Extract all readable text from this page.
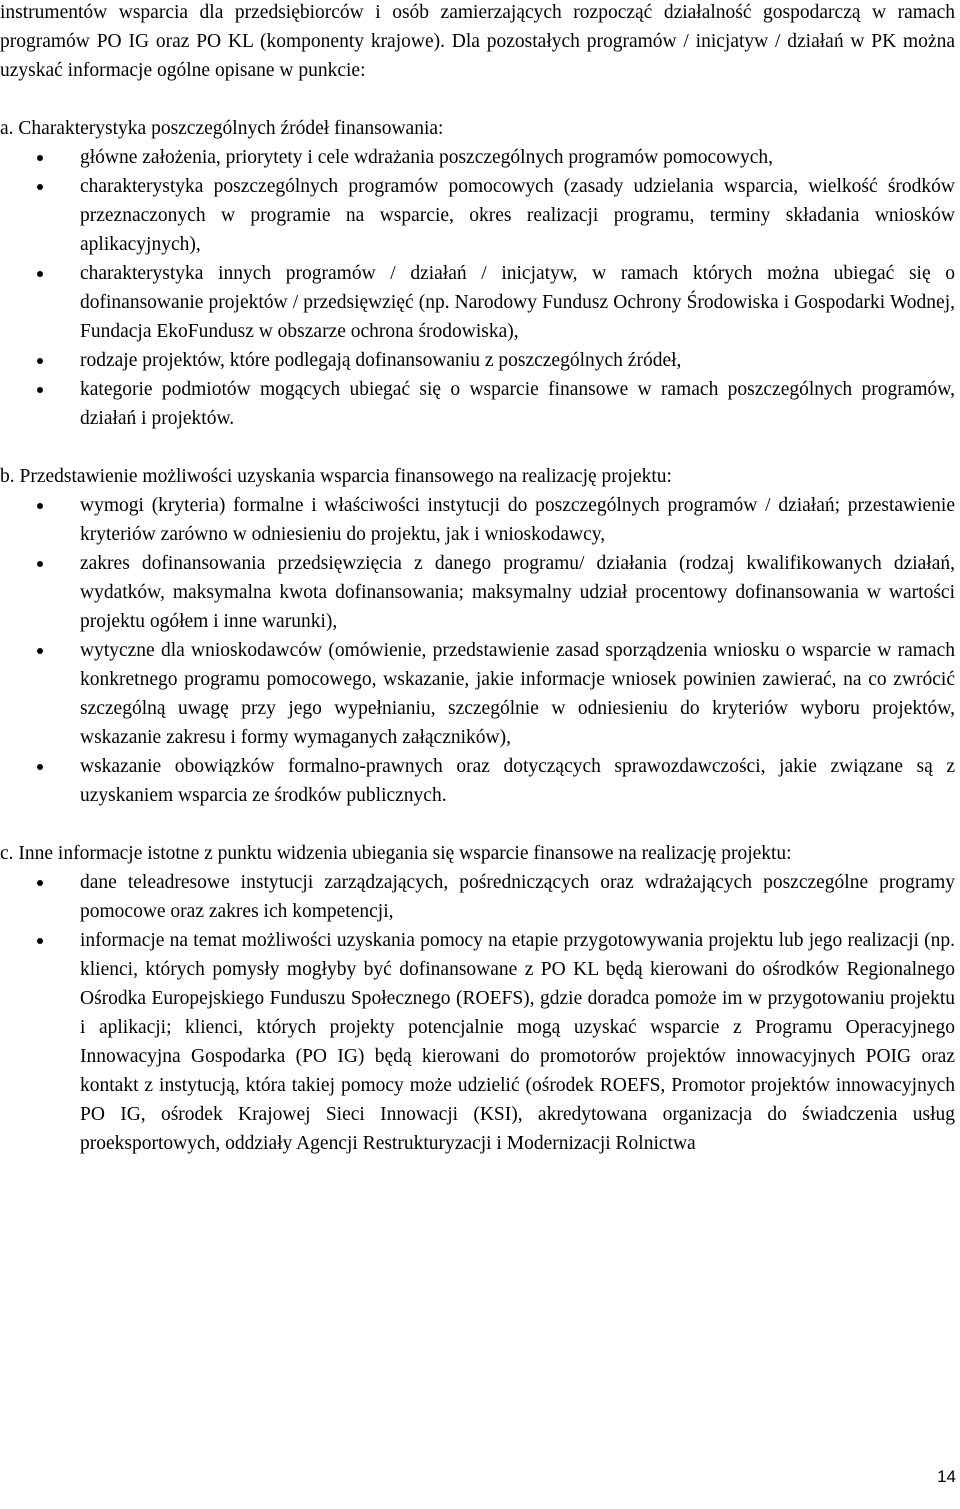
instrumentów wsparcia dla przedsiębiorców i osób zamierzających rozpocząć działalność gospodarczą w ramach programów PO IG oraz PO KL (komponenty krajowe). Dla pozostałych programów / inicjatyw / działań w PK można uzyskać informacje ogólne opisane w punkcie:

a. Charakterystyka poszczególnych źródeł finansowania:

główne założenia, priorytety i cele wdrażania poszczególnych programów pomocowych,
charakterystyka poszczególnych programów pomocowych (zasady udzielania wsparcia, wielkość środków przeznaczonych w programie na wsparcie, okres realizacji programu, terminy składania wniosków aplikacyjnych),
charakterystyka innych programów / działań / inicjatyw, w ramach których można ubiegać się o dofinansowanie projektów / przedsięwzięć (np. Narodowy Fundusz Ochrony Środowiska i Gospodarki Wodnej, Fundacja EkoFundusz w obszarze ochrona środowiska),
rodzaje projektów, które podlegają dofinansowaniu z poszczególnych źródeł,
kategorie podmiotów mogących ubiegać się o wsparcie finansowe w ramach poszczególnych programów, działań i projektów.

b. Przedstawienie możliwości uzyskania wsparcia finansowego na realizację projektu:

wymogi (kryteria) formalne i właściwości instytucji do poszczególnych programów / działań; przestawienie kryteriów zarówno w odniesieniu do projektu, jak i wnioskodawcy,
zakres dofinansowania przedsięwzięcia z danego programu/ działania (rodzaj kwalifikowanych działań, wydatków, maksymalna kwota dofinansowania; maksymalny udział procentowy dofinansowania w wartości projektu ogółem i inne warunki),
wytyczne dla wnioskodawców (omówienie, przedstawienie zasad sporządzenia wniosku o wsparcie w ramach konkretnego programu pomocowego, wskazanie, jakie informacje wniosek powinien zawierać, na co zwrócić szczególną uwagę przy jego wypełnianiu, szczególnie w odniesieniu do kryteriów wyboru projektów, wskazanie zakresu i formy wymaganych załączników),
wskazanie obowiązków formalno-prawnych oraz dotyczących sprawozdawczości, jakie związane są z uzyskaniem wsparcia ze środków publicznych.

c. Inne informacje istotne z punktu widzenia ubiegania się wsparcie finansowe na realizację projektu:

dane teleadresowe instytucji zarządzających, pośredniczących oraz wdrażających poszczególne programy pomocowe oraz zakres ich kompetencji,
informacje na temat możliwości uzyskania pomocy na etapie przygotowywania projektu lub jego realizacji (np. klienci, których pomysły mogłyby być dofinansowane z PO KL będą kierowani do ośrodków Regionalnego Ośrodka Europejskiego Funduszu Społecznego (ROEFS), gdzie doradca pomoże im w przygotowaniu projektu i aplikacji; klienci, których projekty potencjalnie mogą uzyskać wsparcie z Programu Operacyjnego Innowacyjna Gospodarka (PO IG) będą kierowani do promotorów projektów innowacyjnych POIG oraz kontakt z instytucją, która takiej pomocy może udzielić (ośrodek ROEFS, Promotor projektów innowacyjnych PO IG, ośrodek Krajowej Sieci Innowacji (KSI), akredytowana organizacja do świadczenia usług proeksportowych, oddziały Agencji Restrukturyzacji i Modernizacji Rolnictwa
14
